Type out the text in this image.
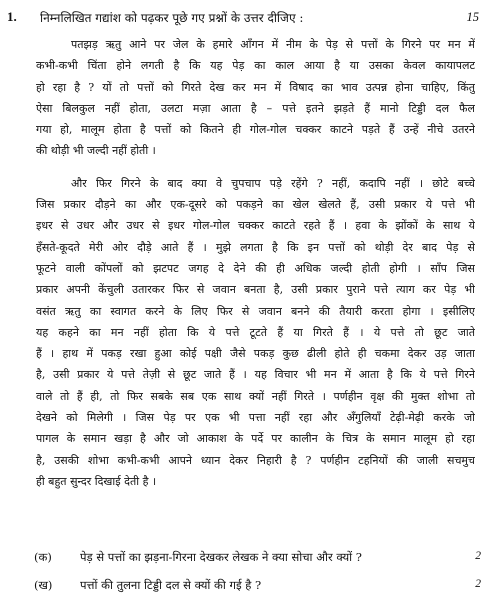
1. निम्नलिखित गद्यांश को पढ़कर पूछे गए प्रश्नों के उत्तर दीजिए :	15
पतझड़ ऋतु आने पर जेल के हमारे आँगन में नीम के पेड़ से पत्तों के गिरने पर मन में
कभी-कभी चिंता होने लगती है कि यह पेड़ का काल आया है या उसका केवल कायापलट
हो रहा है ? यों तो पत्तों को गिरते देख कर मन में विषाद का भाव उत्पन्न होना चाहिए, किंतु
ऐसा बिलकुल नहीं होता, उलटा मज़ा आता है – पत्ते इतने झड़ते हैं मानो टिड्डी दल फैल
गया हो, मालूम होता है पत्तों को कितने ही गोल-गोल चक्कर काटने पड़ते हैं उन्हें नीचे उतरने
की थोड़ी भी जल्दी नहीं होती ।
और फिर गिरने के बाद क्या वे चुपचाप पड़े रहेंगे ? नहीं, कदापि नहीं । छोटे बच्चे
जिस प्रकार दौड़ने का और एक-दूसरे को पकड़ने का खेल खेलते हैं, उसी प्रकार ये पत्ते भी
इधर से उधर और उधर से इधर गोल-गोल चक्कर काटते रहते हैं । हवा के झोंकों के साथ ये
हँसते-कूदते मेरी ओर दौड़े आते हैं । मुझे लगता है कि इन पत्तों को थोड़ी देर बाद पेड़ से
फूटने वाली कोंपलों को झटपट जगह दे देने की ही अधिक जल्दी होती होगी । साँप जिस
प्रकार अपनी केंचुली उतारकर फिर से जवान बनता है, उसी प्रकार पुराने पत्ते त्याग कर पेड़ भी
वसंत ऋतु का स्वागत करने के लिए फिर से जवान बनने की तैयारी करता होगा । इसीलिए
यह कहने का मन नहीं होता कि ये पत्ते टूटते हैं या गिरते हैं । ये पत्ते तो छूट जाते
हैं । हाथ में पकड़ रखा हुआ कोई पक्षी जैसे पकड़ कुछ ढीली होते ही चकमा देकर उड़ जाता
है, उसी प्रकार ये पत्ते तेज़ी से छूट जाते हैं । यह विचार भी मन में आता है कि ये पत्ते गिरने
वाले तो हैं ही, तो फिर सबके सब एक साथ क्यों नहीं गिरते । पर्णहीन वृक्ष की मुक्त शोभा तो
देखने को मिलेगी । जिस पेड़ पर एक भी पत्ता नहीं रहा और अँगुलियाँ टेढ़ी-मेढ़ी करके जो
पागल के समान खड़ा है और जो आकाश के पर्दे पर कालीन के चित्र के समान मालूम हो रहा
है, उसकी शोभा कभी-कभी आपने ध्यान देकर निहारी है ? पर्णहीन टहनियों की जाली सचमुच
ही बहुत सुन्दर दिखाई देती है ।
(क) पेड़ से पत्तों का झड़ना-गिरना देखकर लेखक ने क्या सोचा और क्यों ?	2
(ख) पत्तों की तुलना टिड्डी दल से क्यों की गई है ?	2
